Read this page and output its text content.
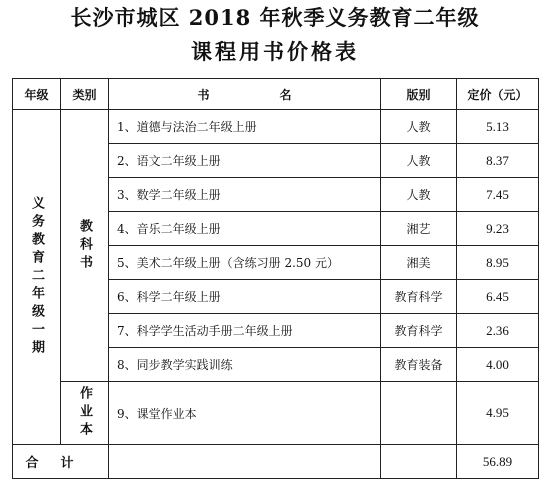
长沙市城区 2018 年秋季义务教育二年级
课程用书价格表
年级	类别	书 名	版别	定价（元）

义务教育二年级一期	教科书	1、道德与法治二年级上册	人教	5.13
		2、语文二年级上册	人教	8.37
		3、数学二年级上册	人教	7.45
		4、音乐二年级上册	湘艺	9.23
		5、美术二年级上册（含练习册 2.50 元）	湘美	8.95
		6、科学二年级上册	教育科学	6.45
		7、科学学生活动手册二年级上册	教育科学	2.36
		8、同步教学实践训练	教育装备	4.00

	作业本	9、课堂作业本		4.95
合计				56.89
